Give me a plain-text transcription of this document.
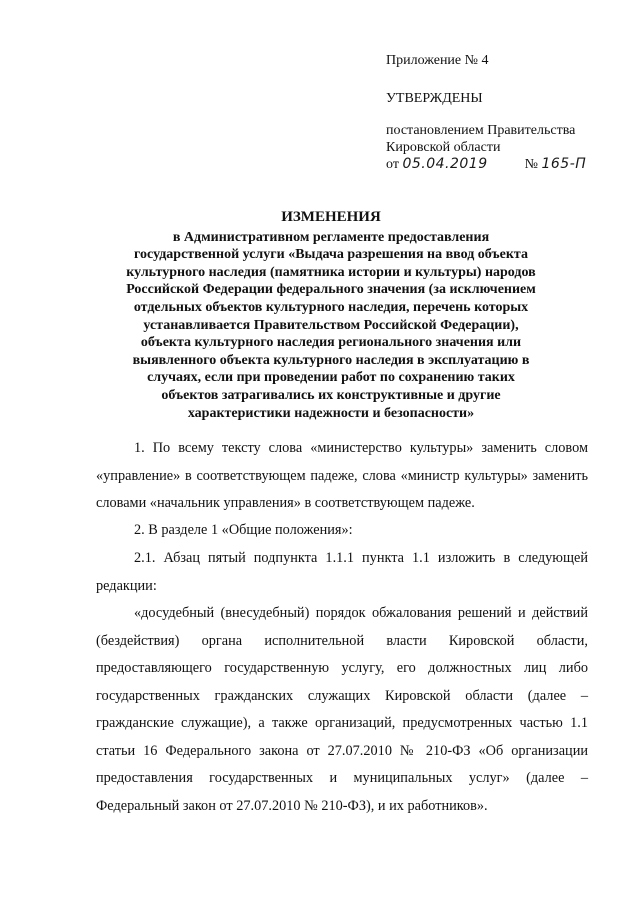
Приложение № 4
УТВЕРЖДЕНЫ
постановлением Правительства
Кировской области
от 05.04.2019	№ 165-П
ИЗМЕНЕНИЯ
в Административном регламенте предоставления
государственной услуги «Выдача разрешения на ввод объекта
культурного наследия (памятника истории и культуры) народов
Российской Федерации федерального значения (за исключением
отдельных объектов культурного наследия, перечень которых
устанавливается Правительством Российской Федерации),
объекта культурного наследия регионального значения или
выявленного объекта культурного наследия в эксплуатацию в
случаях, если при проведении работ по сохранению таких
объектов затрагивались их конструктивные и другие
характеристики надежности и безопасности»

1. По всему тексту слова «министерство культуры» заменить словом «управление» в соответствующем падеже, слова «министр культуры» заменить словами «начальник управления» в соответствующем падеже.

2. В разделе 1 «Общие положения»:

2.1. Абзац пятый подпункта 1.1.1 пункта 1.1 изложить в следующей редакции:

«досудебный (внесудебный) порядок обжалования решений и действий (бездействия) органа исполнительной власти Кировской области, предоставляющего государственную услугу, его должностных лиц либо государственных гражданских служащих Кировской области (далее – гражданские служащие), а также организаций, предусмотренных частью 1.1 статьи 16 Федерального закона от 27.07.2010 № 210-ФЗ «Об организации предоставления государственных и муниципальных услуг» (далее – Федеральный закон от 27.07.2010 № 210-ФЗ), и их работников».
